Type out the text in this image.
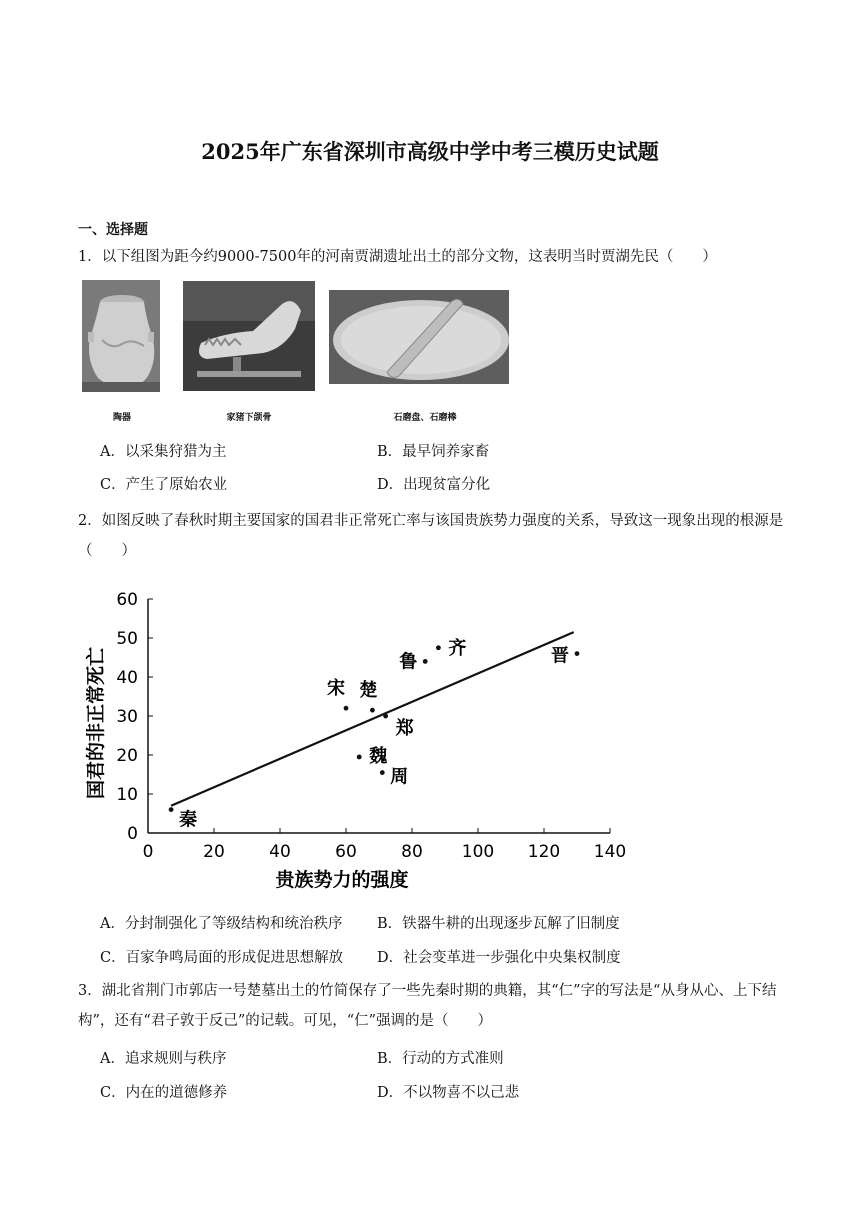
2025年广东省深圳市高级中学中考三模历史试题
一、选择题
1．以下组图为距今约9000-7500年的河南贾湖遗址出土的部分文物，这表明当时贾湖先民（　　）
陶器	家猪下颌骨	石磨盘、石磨棒
A．以采集狩猎为主	B．最早饲养家畜
C．产生了原始农业	D．出现贫富分化
2．如图反映了春秋时期主要国家的国君非正常死亡率与该国贵族势力强度的关系，导致这一现象出现的根源是（　　）
0
10
20
30
40
50
60
0	20	40	60	80 100 120 140
贵族势力的强度
国君的非正常死亡
秦
宋 楚
郑
魏
周
鲁
齐	晋
A．分封制强化了等级结构和统治秩序 B．铁器牛耕的出现逐步瓦解了旧制度
C．百家争鸣局面的形成促进思想解放 D．社会变革进一步强化中央集权制度
3．湖北省荆门市郭店一号楚墓出土的竹简保存了一些先秦时期的典籍，其“仁”字的写法是“从身从心、上下结构”，还有“君子敦于反己”的记载。可见，“仁”强调的是（　　）
A．追求规则与秩序	B．行动的方式准则
C．内在的道德修养	D．不以物喜不以己悲
